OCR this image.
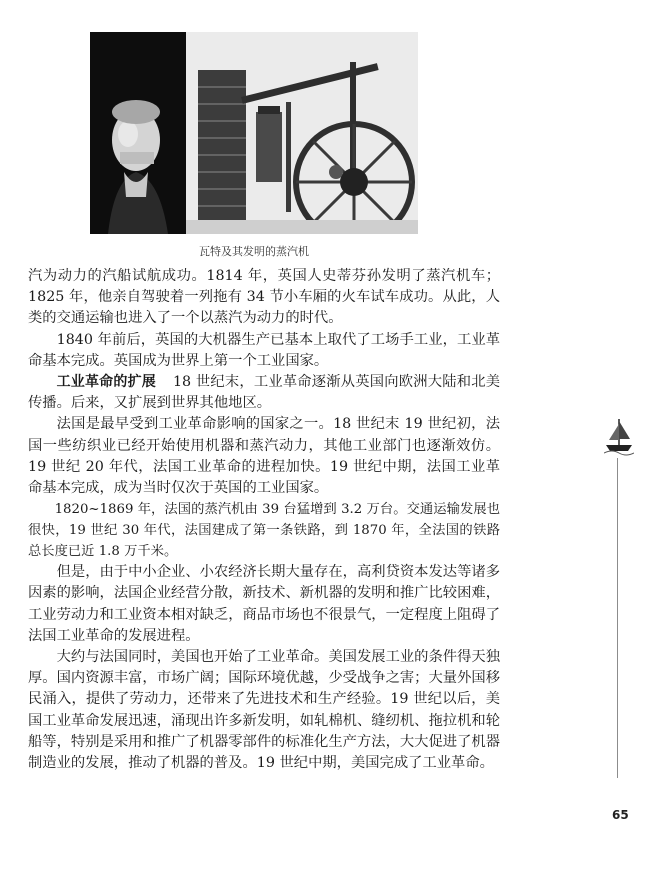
瓦特及其发明的蒸汽机

汽为动力的汽船试航成功。1814 年，英国人史蒂芬孙发明了蒸汽机车；1825 年，他亲自驾驶着一列拖有 34 节小车厢的火车试车成功。从此，人类的交通运输也进入了一个以蒸汽为动力的时代。

1840 年前后，英国的大机器生产已基本上取代了工场手工业，工业革命基本完成。英国成为世界上第一个工业国家。

工业革命的扩展 18 世纪末，工业革命逐渐从英国向欧洲大陆和北美传播。后来，又扩展到世界其他地区。

法国是最早受到工业革命影响的国家之一。18 世纪末 19 世纪初，法国一些纺织业已经开始使用机器和蒸汽动力，其他工业部门也逐渐效仿。19 世纪 20 年代，法国工业革命的进程加快。19 世纪中期，法国工业革命基本完成，成为当时仅次于英国的工业国家。

1820~1869 年，法国的蒸汽机由 39 台猛增到 3.2 万台。交通运输发展也很快，19 世纪 30 年代，法国建成了第一条铁路，到 1870 年，全法国的铁路总长度已近 1.8 万千米。

但是，由于中小企业、小农经济长期大量存在，高利贷资本发达等诸多因素的影响，法国企业经营分散，新技术、新机器的发明和推广比较困难，工业劳动力和工业资本相对缺乏，商品市场也不很景气，一定程度上阻碍了法国工业革命的发展进程。

大约与法国同时，美国也开始了工业革命。美国发展工业的条件得天独厚。国内资源丰富，市场广阔；国际环境优越，少受战争之害；大量外国移民涌入，提供了劳动力，还带来了先进技术和生产经验。19 世纪以后，美国工业革命发展迅速，涌现出许多新发明，如轧棉机、缝纫机、拖拉机和轮船等，特别是采用和推广了机器零部件的标准化生产方法，大大促进了机器制造业的发展，推动了机器的普及。19 世纪中期，美国完成了工业革命。

65
